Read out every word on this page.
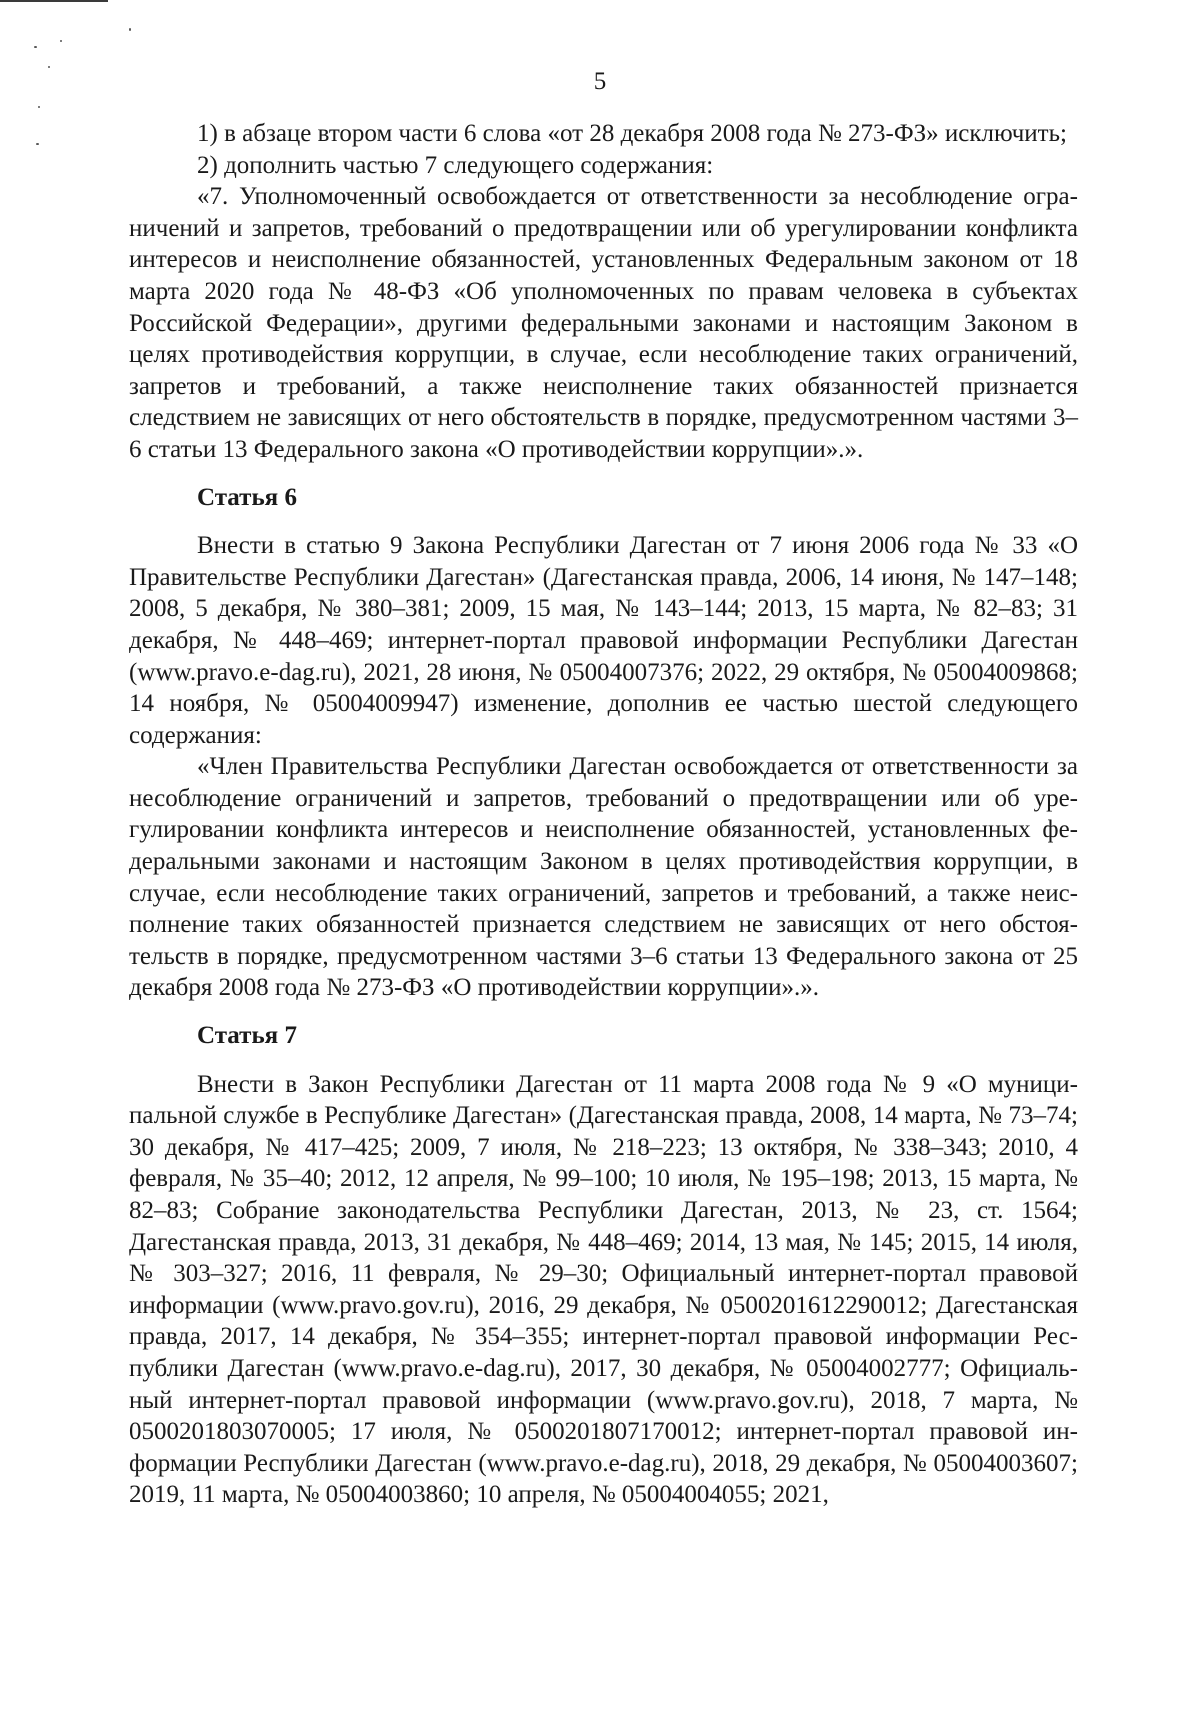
5

1) в абзаце втором части 6 слова «от 28 декабря 2008 года № 273-ФЗ» исключить;

2) дополнить частью 7 следующего содержания:

«7. Уполномоченный освобождается от ответственности за несоблюдение ограничений и запретов, требований о предотвращении или об урегулировании конфликта интересов и неисполнение обязанностей, установленных Федеральным законом от 18 марта 2020 года № 48-ФЗ «Об уполномоченных по правам человека в субъектах Российской Федерации», другими федеральными законами и настоящим Законом в целях противодействия коррупции, в случае, если несоблюдение таких ограничений, запретов и требований, а также неисполнение таких обязанностей признается следствием не зависящих от него обстоятельств в порядке, предусмотренном частями 3–6 статьи 13 Федерального закона «О противодействии коррупции».».

Статья 6

Внести в статью 9 Закона Республики Дагестан от 7 июня 2006 года № 33 «О Правительстве Республики Дагестан» (Дагестанская правда, 2006, 14 июня, № 147–148; 2008, 5 декабря, № 380–381; 2009, 15 мая, № 143–144; 2013, 15 марта, № 82–83; 31 декабря, № 448–469; интернет-портал правовой информации Республики Дагестан (www.pravo.e-dag.ru), 2021, 28 июня, № 05004007376; 2022, 29 октября, № 05004009868; 14 ноября, № 05004009947) изменение, дополнив ее частью шестой следующего содержания:

«Член Правительства Республики Дагестан освобождается от ответственности за несоблюдение ограничений и запретов, требований о предотвращении или об урегулировании конфликта интересов и неисполнение обязанностей, установленных федеральными законами и настоящим Законом в целях противодействия коррупции, в случае, если несоблюдение таких ограничений, запретов и требований, а также неисполнение таких обязанностей признается следствием не зависящих от него обстоятельств в порядке, предусмотренном частями 3–6 статьи 13 Федерального закона от 25 декабря 2008 года № 273-ФЗ «О противодействии коррупции».».

Статья 7

Внести в Закон Республики Дагестан от 11 марта 2008 года № 9 «О муниципальной службе в Республике Дагестан» (Дагестанская правда, 2008, 14 марта, № 73–74; 30 декабря, № 417–425; 2009, 7 июля, № 218–223; 13 октября, № 338–343; 2010, 4 февраля, № 35–40; 2012, 12 апреля, № 99–100; 10 июля, № 195–198; 2013, 15 марта, № 82–83; Собрание законодательства Республики Дагестан, 2013, № 23, ст. 1564; Дагестанская правда, 2013, 31 декабря, № 448–469; 2014, 13 мая, № 145; 2015, 14 июля, № 303–327; 2016, 11 февраля, № 29–30; Официальный интернет-портал правовой информации (www.pravo.gov.ru), 2016, 29 декабря, № 0500201612290012; Дагестанская правда, 2017, 14 декабря, № 354–355; интернет-портал правовой информации Республики Дагестан (www.pravo.e-dag.ru), 2017, 30 декабря, № 05004002777; Официальный интернет-портал правовой информации (www.pravo.gov.ru), 2018, 7 марта, № 0500201803070005; 17 июля, № 0500201807170012; интернет-портал правовой информации Республики Дагестан (www.pravo.e-dag.ru), 2018, 29 декабря, № 05004003607; 2019, 11 марта, № 05004003860; 10 апреля, № 05004004055; 2021,
